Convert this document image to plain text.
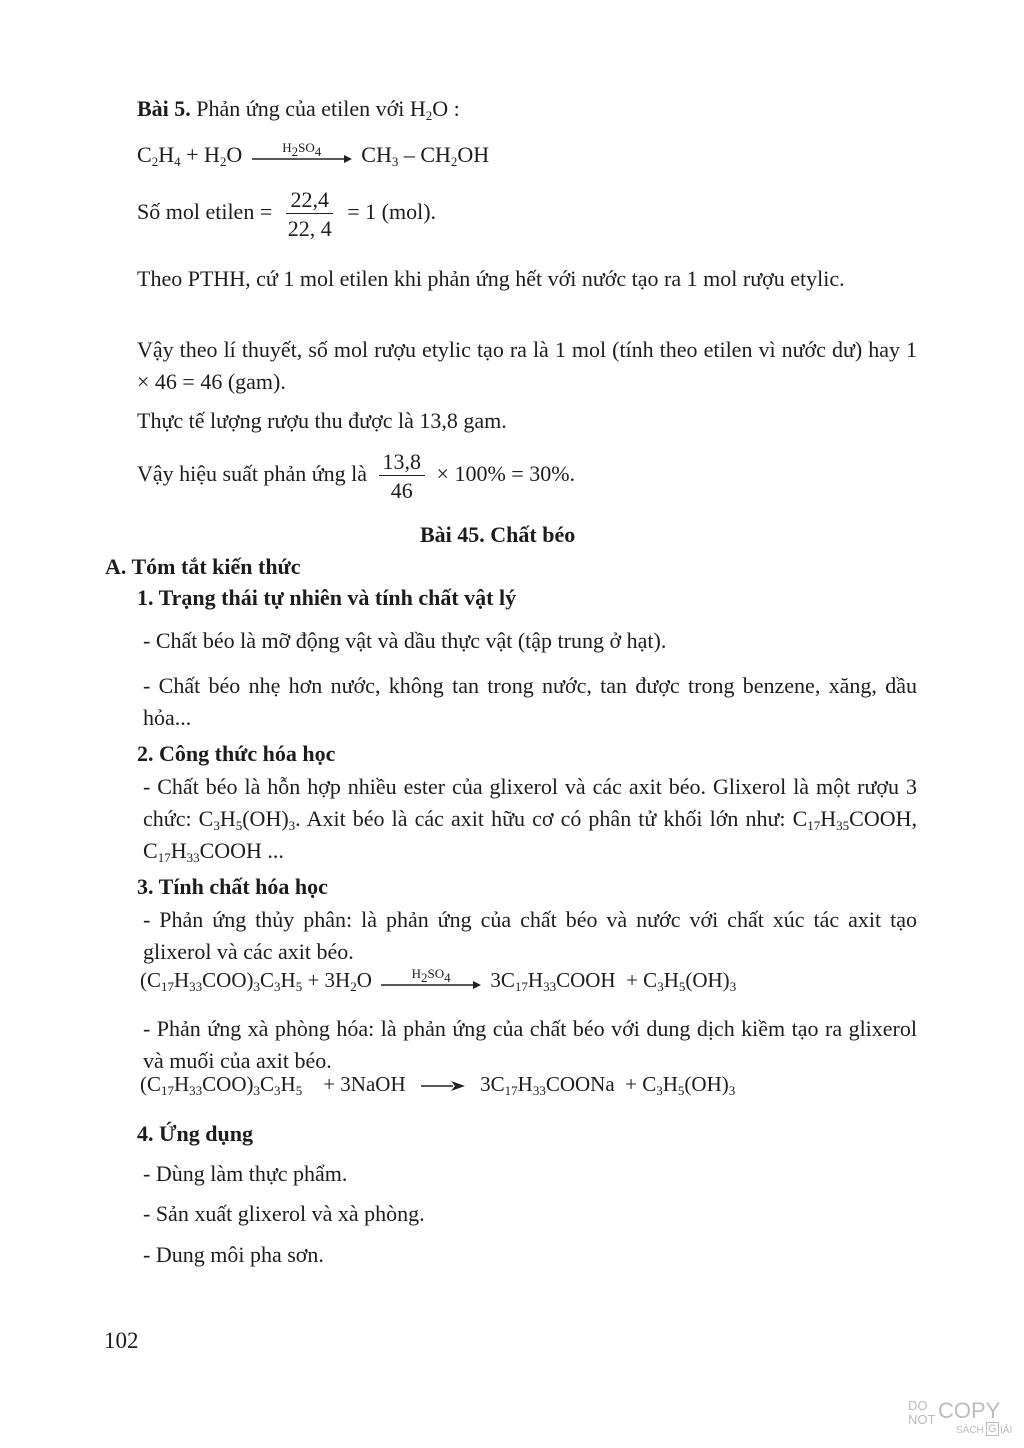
Bài 5. Phản ứng của etilen với $H_2O$ :
$C_2H_4 + H_2O$	$H_2SO_4$ $CH_3 - CH_2OH$
Số mol etilen = $\frac{22,4}{22, 4} = 1$ (mol).
Theo PTHH, cứ 1 mol etilen khi phản ứng hết với nước tạo ra 1 mol rượu etylic.
Vậy theo lí thuyết, số mol rượu etylic tạo ra là 1 mol (tính theo etilen vì nước dư) hay 1 × 46 = 46 (gam).
Thực tế lượng rượu thu được là 13,8 gam.
Vậy hiệu suất phản ứng là $\frac{13,8}{46} \times 100\% = 30\%$.
Bài 45. Chất béo
A. Tóm tắt kiến thức
1. Trạng thái tự nhiên và tính chất vật lý
- Chất béo là mỡ động vật và dầu thực vật (tập trung ở hạt).
- Chất béo nhẹ hơn nước, không tan trong nước, tan được trong benzene, xăng, dầu hỏa...
2. Công thức hóa học
- Chất béo là hỗn hợp nhiều ester của glixerol và các axit béo. Glixerol là một rượu 3 chức: $C_3H_5(OH)_3$. Axit béo là các axit hữu cơ có phân tử khối lớn như: $C_{17}H_{35}COOH$, $C_{17}H_{33}COOH$ ...
3. Tính chất hóa học
- Phản ứng thủy phân: là phản ứng của chất béo và nước với chất xúc tác axit tạo glixerol và các axit béo.
$(C_{17}H_{33}COO)_3C_3H_5 + 3H_2O$	$H_2SO_4$ $3C_{17}H_{33}COOH + C_3H_5(OH)_3$
- Phản ứng xà phòng hóa: là phản ứng của chất béo với dung dịch kiềm tạo ra glixerol và muối của axit béo.
$(C_{17}H_{33}COO)_3C_3H_5$ + 3NaOH	$3C_{17}H_{33}COONa + C_3H_5(OH)_3$
4. Ứng dụng
- Dùng làm thực phẩm.
- Sản xuất glixerol và xà phòng.
- Dung môi pha sơn.
102
DO
NOT COPY
SÁCH G IẢI
